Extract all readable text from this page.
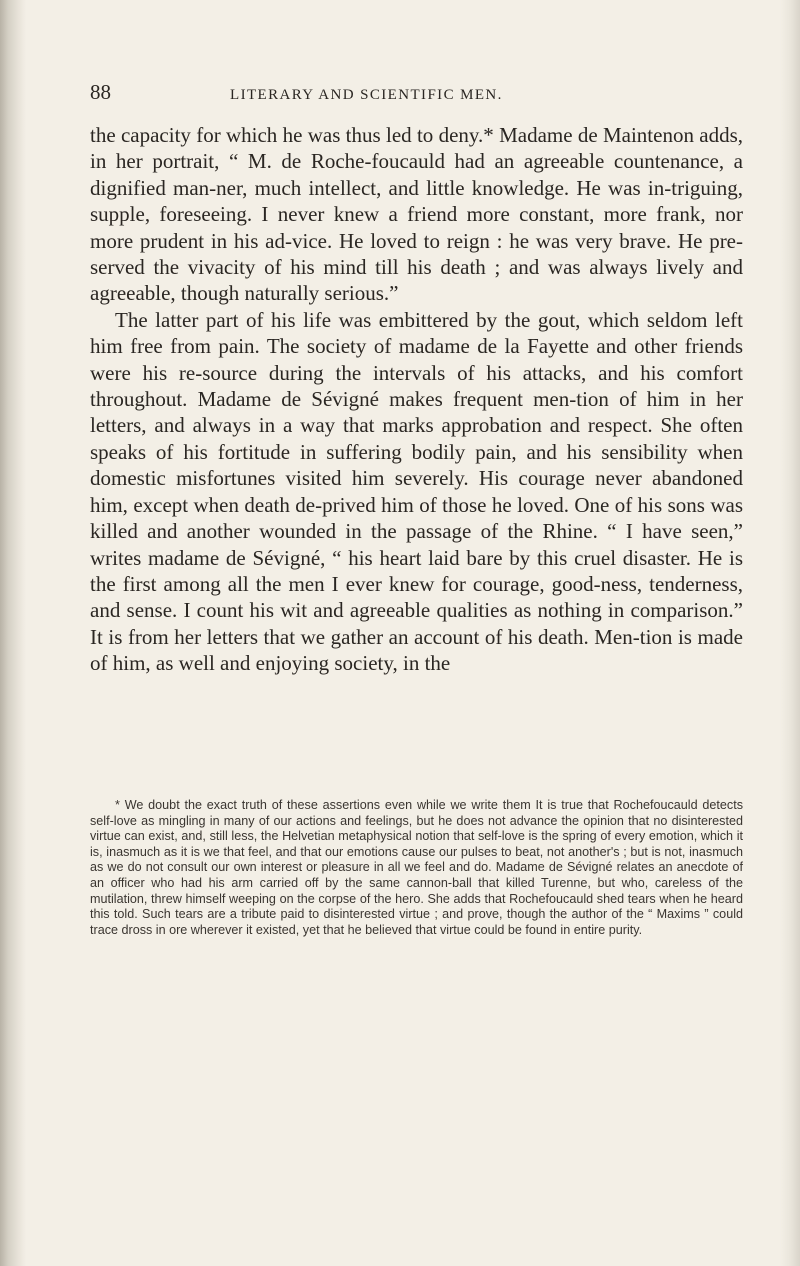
88	LITERARY AND SCIENTIFIC MEN.

the capacity for which he was thus led to deny.* Madame de Maintenon adds, in her portrait, “ M. de Roche-foucauld had an agreeable countenance, a dignified man-ner, much intellect, and little knowledge. He was in-triguing, supple, foreseeing. I never knew a friend more constant, more frank, nor more prudent in his ad-vice. He loved to reign : he was very brave. He pre-served the vivacity of his mind till his death ; and was always lively and agreeable, though naturally serious.”

The latter part of his life was embittered by the gout, which seldom left him free from pain. The society of madame de la Fayette and other friends were his re-source during the intervals of his attacks, and his comfort throughout. Madame de Sévigné makes frequent men-tion of him in her letters, and always in a way that marks approbation and respect. She often speaks of his fortitude in suffering bodily pain, and his sensibility when domestic misfortunes visited him severely. His courage never abandoned him, except when death de-prived him of those he loved. One of his sons was killed and another wounded in the passage of the Rhine. “ I have seen,” writes madame de Sévigné, “ his heart laid bare by this cruel disaster. He is the first among all the men I ever knew for courage, good-ness, tenderness, and sense. I count his wit and agreeable qualities as nothing in comparison.” It is from her letters that we gather an account of his death. Men-tion is made of him, as well and enjoying society, in the

* We doubt the exact truth of these assertions even while we write them It is true that Rochefoucauld detects self-love as mingling in many of our actions and feelings, but he does not advance the opinion that no disinterested virtue can exist, and, still less, the Helvetian metaphysical notion that self-love is the spring of every emotion, which it is, inasmuch as it is we that feel, and that our emotions cause our pulses to beat, not another's ; but is not, inasmuch as we do not consult our own interest or pleasure in all we feel and do. Madame de Sévigné relates an anecdote of an officer who had his arm carried off by the same cannon-ball that killed Turenne, but who, careless of the mutilation, threw himself weeping on the corpse of the hero. She adds that Rochefoucauld shed tears when he heard this told. Such tears are a tribute paid to disinterested virtue ; and prove, though the author of the “ Maxims ” could trace dross in ore wherever it existed, yet that he believed that virtue could be found in entire purity.
